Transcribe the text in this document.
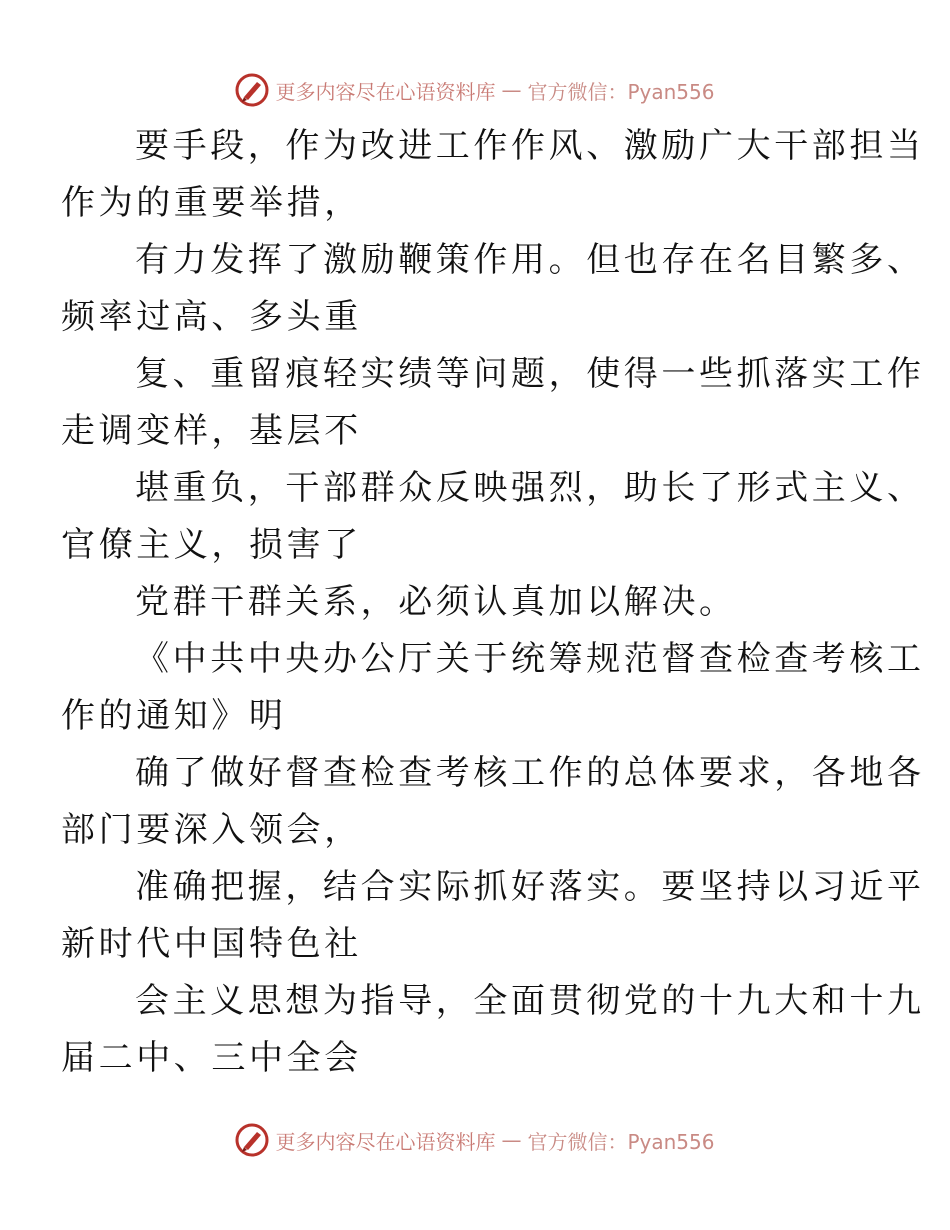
更多内容尽在心语资料库 — 官方微信：Pyan556

要手段，作为改进工作作风、激励广大干部担当
作为的重要举措，

有力发挥了激励鞭策作用。但也存在名目繁多、
频率过高、多头重

复、重留痕轻实绩等问题，使得一些抓落实工作
走调变样，基层不

堪重负，干部群众反映强烈，助长了形式主义、
官僚主义，损害了

党群干群关系，必须认真加以解决。

《中共中央办公厅关于统筹规范督查检查考核工
作的通知》明

确了做好督查检查考核工作的总体要求，各地各
部门要深入领会，

准确把握，结合实际抓好落实。要坚持以习近平
新时代中国特色社

会主义思想为指导，全面贯彻党的十九大和十九
届二中、三中全会

更多内容尽在心语资料库 — 官方微信：Pyan556
